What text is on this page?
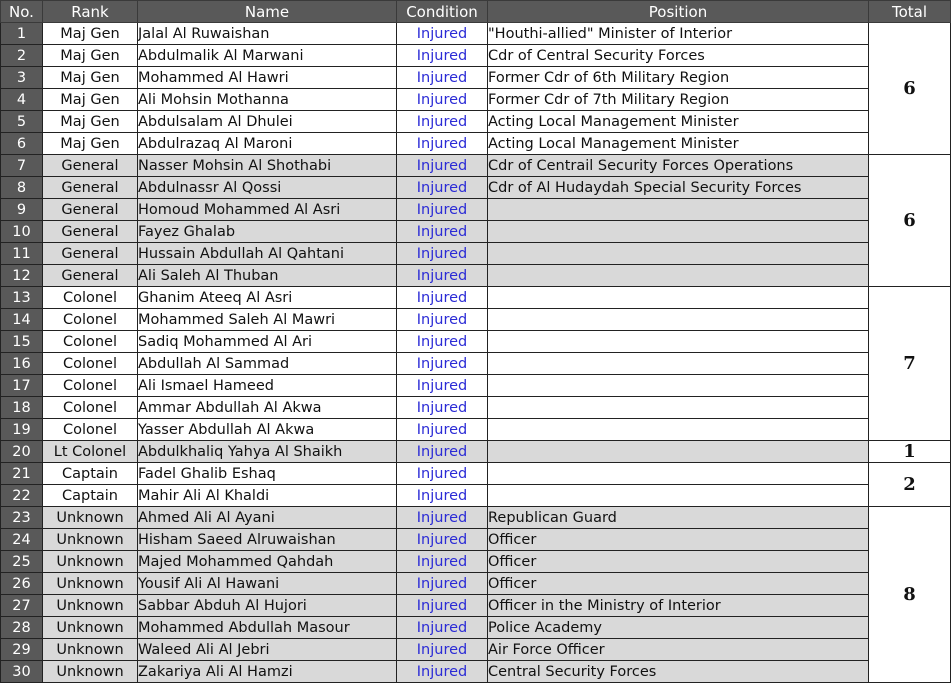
No.	Rank	Name	Condition	Position	Total
1	Maj Gen	Jalal Al Ruwaishan	Injured	"Houthi-allied" Minister of Interior	6
2	Maj Gen	Abdulmalik Al Marwani	Injured	Cdr of Central Security Forces	
3	Maj Gen	Mohammed Al Hawri	Injured	Former Cdr of 6th Military Region	
4	Maj Gen	Ali Mohsin Mothanna	Injured	Former Cdr of 7th Military Region	
5	Maj Gen	Abdulsalam Al Dhulei	Injured	Acting Local Management Minister	
6	Maj Gen	Abdulrazaq Al Maroni	Injured	Acting Local Management Minister	
7	General	Nasser Mohsin Al Shothabi	Injured	Cdr of Centrail Security Forces Operations	6
8	General	Abdulnassr Al Qossi	Injured	Cdr of Al Hudaydah Special Security Forces	
9	General	Homoud Mohammed Al Asri	Injured		
10	General	Fayez Ghalab	Injured		
11	General	Hussain Abdullah Al Qahtani	Injured		
12	General	Ali Saleh Al Thuban	Injured		
13	Colonel	Ghanim Ateeq Al Asri	Injured		7
14	Colonel	Mohammed Saleh Al Mawri	Injured		
15	Colonel	Sadiq Mohammed Al Ari	Injured		
16	Colonel	Abdullah Al Sammad	Injured		
17	Colonel	Ali Ismael Hameed	Injured		
18	Colonel	Ammar Abdullah Al Akwa	Injured		
19	Colonel	Yasser Abdullah Al Akwa	Injured		
20	Lt Colonel	Abdulkhaliq Yahya Al Shaikh	Injured		1
21	Captain	Fadel Ghalib Eshaq	Injured		2
22	Captain	Mahir Ali Al Khaldi	Injured		
23	Unknown	Ahmed Ali Al Ayani	Injured	Republican Guard	8
24	Unknown	Hisham Saeed Alruwaishan	Injured	Officer	
25	Unknown	Majed Mohammed Qahdah	Injured	Officer	
26	Unknown	Yousif Ali Al Hawani	Injured	Officer	
27	Unknown	Sabbar Abduh Al Hujori	Injured	Officer in the Ministry of Interior	
28	Unknown	Mohammed Abdullah Masour	Injured	Police Academy	
29	Unknown	Waleed Ali Al Jebri	Injured	Air Force Officer	
30	Unknown	Zakariya Ali Al Hamzi	Injured	Central Security Forces	
